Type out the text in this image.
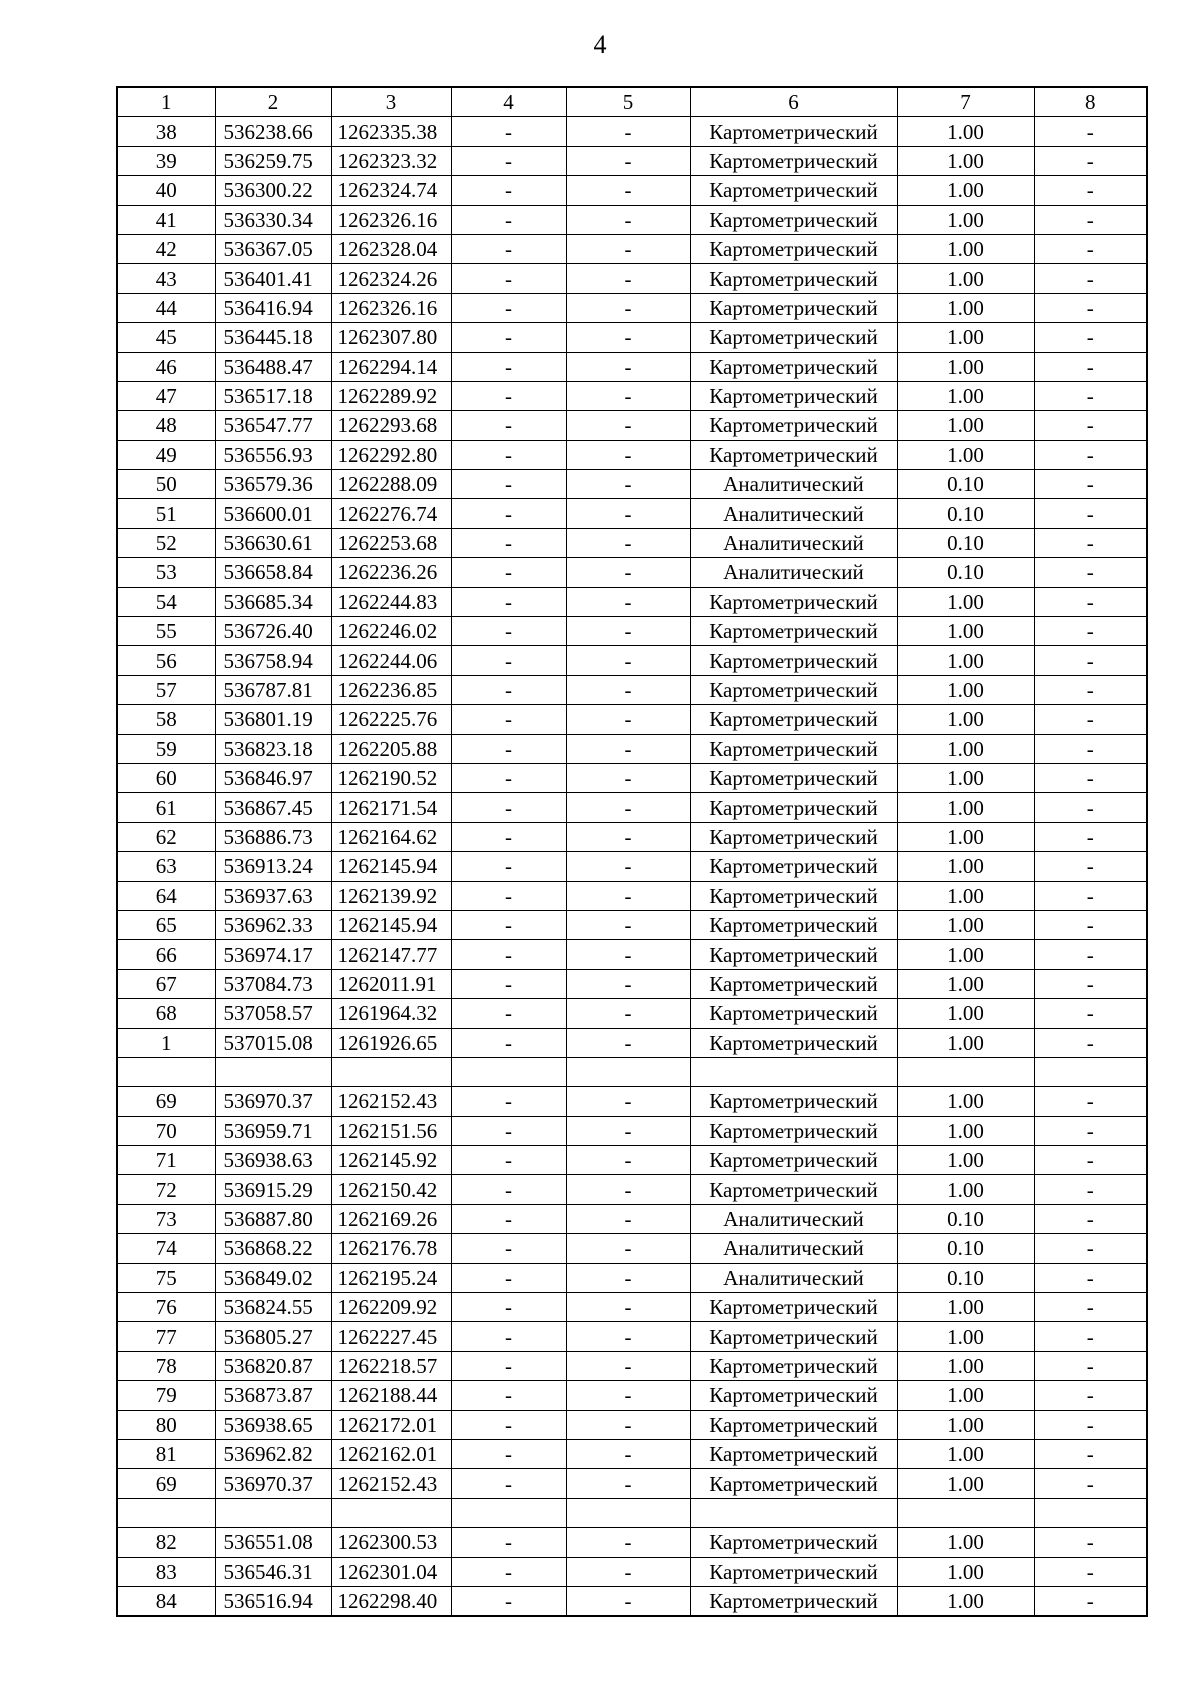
4
1	2	3	4	5	6	7	8
38	536238.66	1262335.38	-	-	Картометрический	1.00	-
39	536259.75	1262323.32	-	-	Картометрический	1.00	-
40	536300.22	1262324.74	-	-	Картометрический	1.00	-
41	536330.34	1262326.16	-	-	Картометрический	1.00	-
42	536367.05	1262328.04	-	-	Картометрический	1.00	-
43	536401.41	1262324.26	-	-	Картометрический	1.00	-
44	536416.94	1262326.16	-	-	Картометрический	1.00	-
45	536445.18	1262307.80	-	-	Картометрический	1.00	-
46	536488.47	1262294.14	-	-	Картометрический	1.00	-
47	536517.18	1262289.92	-	-	Картометрический	1.00	-
48	536547.77	1262293.68	-	-	Картометрический	1.00	-
49	536556.93	1262292.80	-	-	Картометрический	1.00	-
50	536579.36	1262288.09	-	-	Аналитический	0.10	-
51	536600.01	1262276.74	-	-	Аналитический	0.10	-
52	536630.61	1262253.68	-	-	Аналитический	0.10	-
53	536658.84	1262236.26	-	-	Аналитический	0.10	-
54	536685.34	1262244.83	-	-	Картометрический	1.00	-
55	536726.40	1262246.02	-	-	Картометрический	1.00	-
56	536758.94	1262244.06	-	-	Картометрический	1.00	-
57	536787.81	1262236.85	-	-	Картометрический	1.00	-
58	536801.19	1262225.76	-	-	Картометрический	1.00	-
59	536823.18	1262205.88	-	-	Картометрический	1.00	-
60	536846.97	1262190.52	-	-	Картометрический	1.00	-
61	536867.45	1262171.54	-	-	Картометрический	1.00	-
62	536886.73	1262164.62	-	-	Картометрический	1.00	-
63	536913.24	1262145.94	-	-	Картометрический	1.00	-
64	536937.63	1262139.92	-	-	Картометрический	1.00	-
65	536962.33	1262145.94	-	-	Картометрический	1.00	-
66	536974.17	1262147.77	-	-	Картометрический	1.00	-
67	537084.73	1262011.91	-	-	Картометрический	1.00	-
68	537058.57	1261964.32	-	-	Картометрический	1.00	-
1	537015.08	1261926.65	-	-	Картометрический	1.00	-

69	536970.37	1262152.43	-	-	Картометрический	1.00	-
70	536959.71	1262151.56	-	-	Картометрический	1.00	-
71	536938.63	1262145.92	-	-	Картометрический	1.00	-
72	536915.29	1262150.42	-	-	Картометрический	1.00	-
73	536887.80	1262169.26	-	-	Аналитический	0.10	-
74	536868.22	1262176.78	-	-	Аналитический	0.10	-
75	536849.02	1262195.24	-	-	Аналитический	0.10	-
76	536824.55	1262209.92	-	-	Картометрический	1.00	-
77	536805.27	1262227.45	-	-	Картометрический	1.00	-
78	536820.87	1262218.57	-	-	Картометрический	1.00	-
79	536873.87	1262188.44	-	-	Картометрический	1.00	-
80	536938.65	1262172.01	-	-	Картометрический	1.00	-
81	536962.82	1262162.01	-	-	Картометрический	1.00	-
69	536970.37	1262152.43	-	-	Картометрический	1.00	-

82	536551.08	1262300.53	-	-	Картометрический	1.00	-
83	536546.31	1262301.04	-	-	Картометрический	1.00	-
84	536516.94	1262298.40	-	-	Картометрический	1.00	-
